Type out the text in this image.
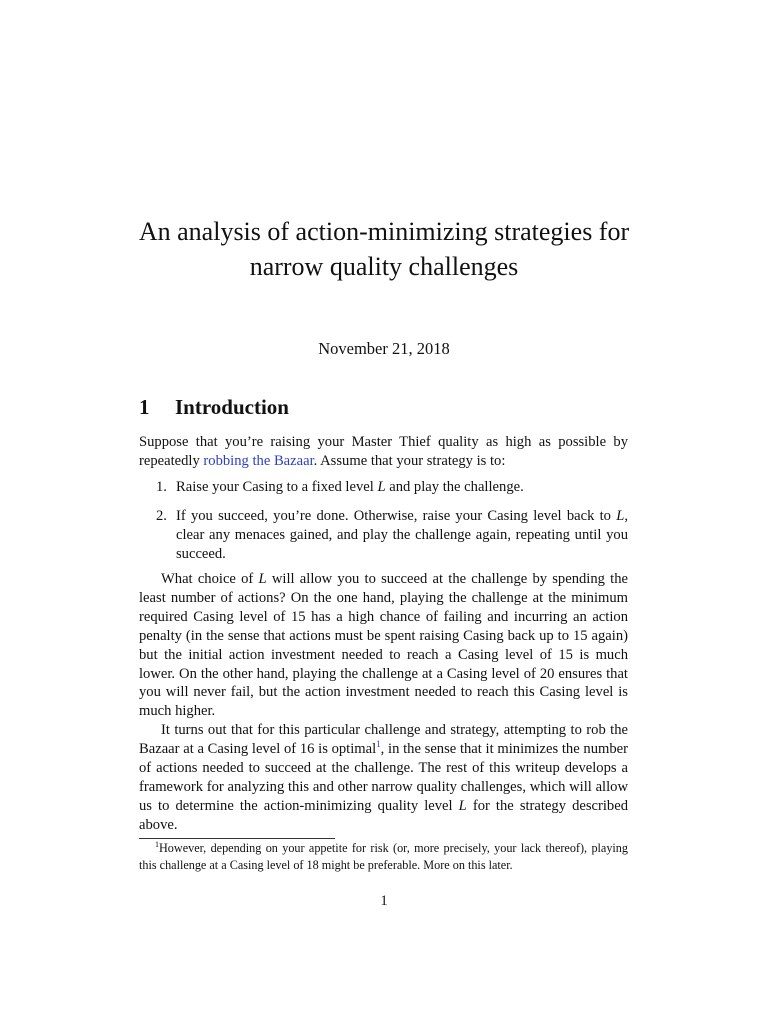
An analysis of action-minimizing strategies for
narrow quality challenges
November 21, 2018
1 Introduction
Suppose that you’re raising your Master Thief quality as high as possible by repeatedly robbing the Bazaar. Assume that your strategy is to:
1. Raise your Casing to a fixed level L and play the challenge.
2. If you succeed, you’re done. Otherwise, raise your Casing level back to L, clear any menaces gained, and play the challenge again, repeating until you succeed.

What choice of L will allow you to succeed at the challenge by spending the least number of actions? On the one hand, playing the challenge at the minimum required Casing level of 15 has a high chance of failing and incurring an action penalty (in the sense that actions must be spent raising Casing back up to 15 again) but the initial action investment needed to reach a Casing level of 15 is much lower. On the other hand, playing the challenge at a Casing level of 20 ensures that you will never fail, but the action investment needed to reach this Casing level is much higher.

It turns out that for this particular challenge and strategy, attempting to rob the Bazaar at a Casing level of 16 is optimal$^1$, in the sense that it minimizes the number of actions needed to succeed at the challenge. The rest of this writeup develops a framework for analyzing this and other narrow quality challenges, which will allow us to determine the action-minimizing quality level L for the strategy described above.

$^1$However, depending on your appetite for risk (or, more precisely, your lack thereof), playing this challenge at a Casing level of 18 might be preferable. More on this later.
1
